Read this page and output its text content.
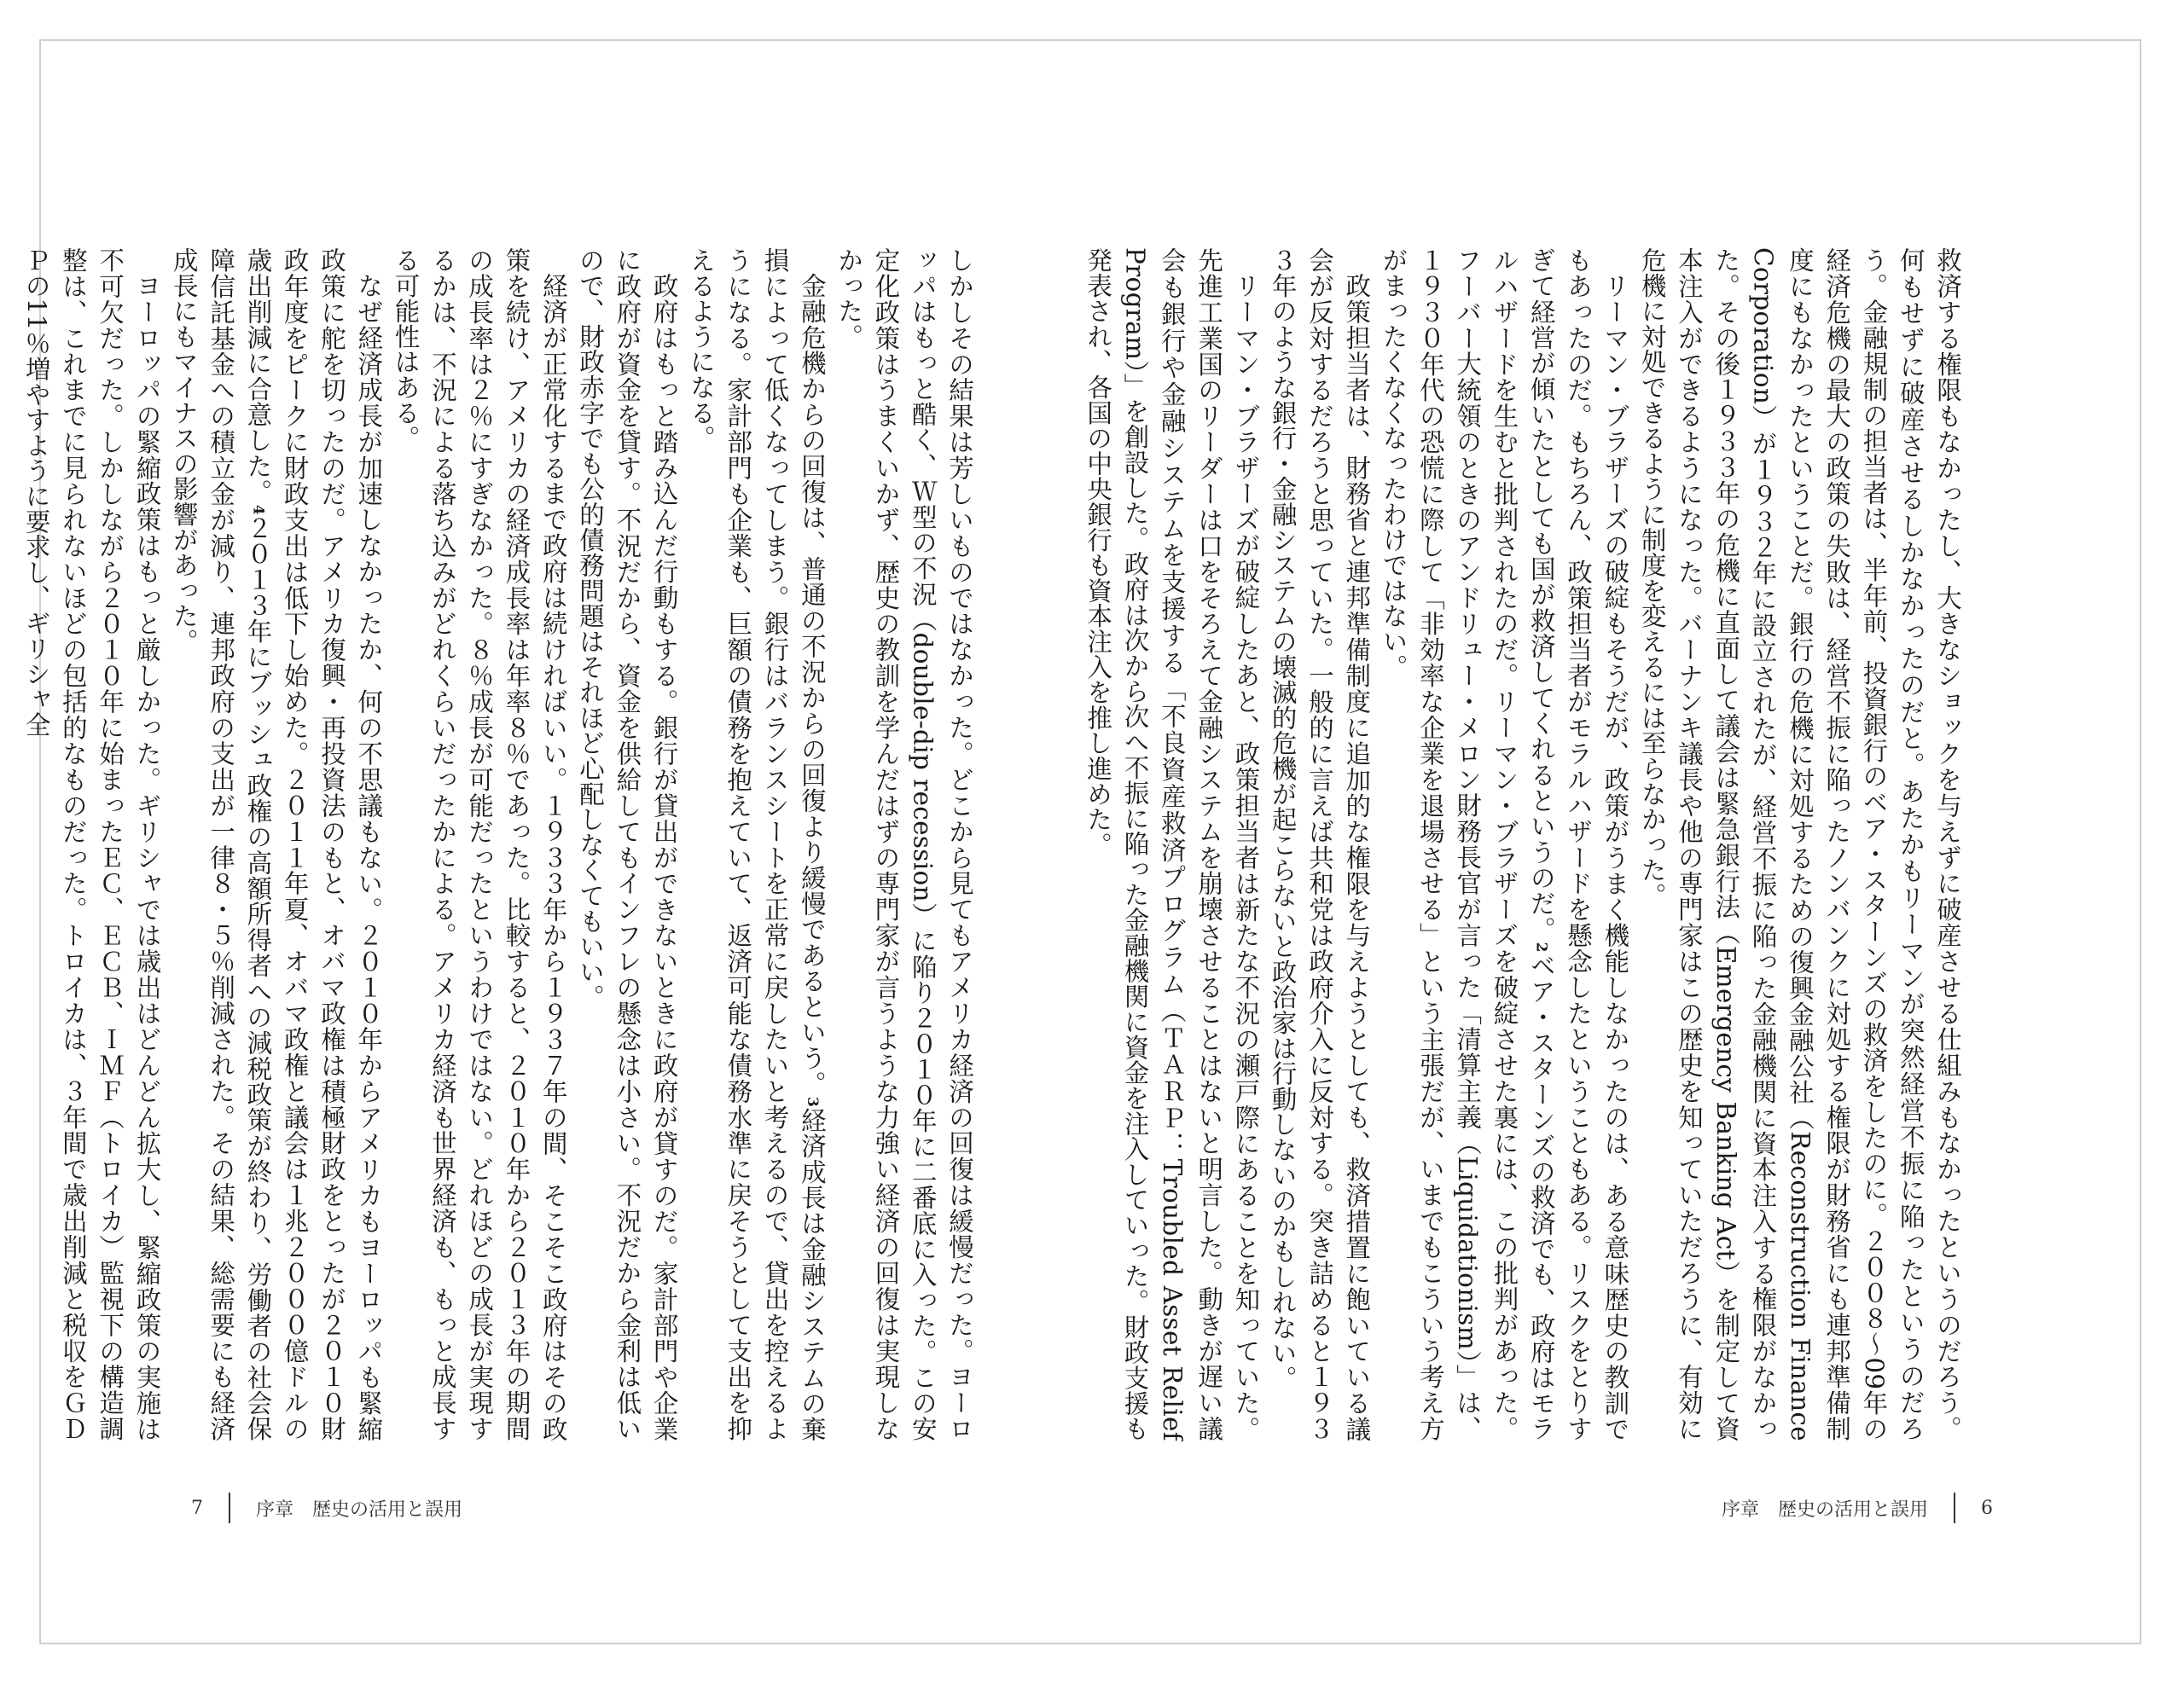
救済する権限もなかったし、大きなショックを与えずに破産させる仕組みもなかったというのだろう。何もせずに破産させるしかなかったのだと。あたかもリーマンが突然経営不振に陥ったというのだろう。金融規制の担当者は、半年前、投資銀行のベア・スターンズの救済をしたのに。２００８〜09年の経済危機の最大の政策の失敗は、経営不振に陥ったノンバンクに対処する権限が財務省にも連邦準備制度にもなかったということだ。銀行の危機に対処するための復興金融公社（Reconstruction Finance Corporation）が１９３２年に設立されたが、経営不振に陥った金融機関に資本注入する権限がなかった。その後１９３３年の危機に直面して議会は緊急銀行法（Emergency Banking Act）を制定して資本注入ができるようになった。バーナンキ議長や他の専門家はこの歴史を知っていただろうに、有効に危機に対処できるように制度を変えるには至らなかった。

リーマン・ブラザーズの破綻もそうだが、政策がうまく機能しなかったのは、ある意味歴史の教訓でもあったのだ。もちろん、政策担当者がモラルハザードを懸念したということもある。リスクをとりすぎて経営が傾いたとしても国が救済してくれるというのだ。2ベア・スターンズの救済でも、政府はモラルハザードを生むと批判されたのだ。リーマン・ブラザーズを破綻させた裏には、この批判があった。フーバー大統領のときのアンドリュー・メロン財務長官が言った「清算主義（Liquidationism）」は、１９３０年代の恐慌に際して「非効率な企業を退場させる」という主張だが、いまでもこういう考え方がまったくなくなったわけではない。

政策担当者は、財務省と連邦準備制度に追加的な権限を与えようとしても、救済措置に飽いている議会が反対するだろうと思っていた。一般的に言えば共和党は政府介入に反対する。突き詰めると１９３３年のような銀行・金融システムの壊滅的危機が起こらないと政治家は行動しないのかもしれない。

リーマン・ブラザーズが破綻したあと、政策担当者は新たな不況の瀬戸際にあることを知っていた。先進工業国のリーダーは口をそろえて金融システムを崩壊させることはないと明言した。動きが遅い議会も銀行や金融システムを支援する「不良資産救済プログラム（ＴＡＲＰ：Troubled Asset Relief Program）」を創設した。政府は次から次へ不振に陥った金融機関に資金を注入していった。財政支援も発表され、各国の中央銀行も資本注入を推し進めた。

序章　歴史の活用と誤用	6

しかしその結果は芳しいものではなかった。どこから見てもアメリカ経済の回復は緩慢だった。ヨーロッパはもっと酷く、Ｗ型の不況（double-dip recession）に陥り２０１０年に二番底に入った。この安定化政策はうまくいかず、歴史の教訓を学んだはずの専門家が言うような力強い経済の回復は実現しなかった。

金融危機からの回復は、普通の不況からの回復より緩慢であるという。3経済成長は金融システムの棄損によって低くなってしまう。銀行はバランスシートを正常に戻したいと考えるので、貸出を控えるようになる。家計部門も企業も、巨額の債務を抱えていて、返済可能な債務水準に戻そうとして支出を抑えるようになる。

政府はもっと踏み込んだ行動もする。銀行が貸出ができないときに政府が貸すのだ。家計部門や企業に政府が資金を貸す。不況だから、資金を供給してもインフレの懸念は小さい。不況だから金利は低いので、財政赤字でも公的債務問題はそれほど心配しなくてもいい。

経済が正常化するまで政府は続ければいい。１９３３年から１９３７年の間、そこそこ政府はその政策を続け、アメリカの経済成長率は年率８％であった。比較すると、２０１０年から２０１３年の期間の成長率は２％にすぎなかった。８％成長が可能だったというわけではない。どれほどの成長が実現するかは、不況による落ち込みがどれくらいだったかによる。アメリカ経済も世界経済も、もっと成長する可能性はある。

なぜ経済成長が加速しなかったか、何の不思議もない。２０１０年からアメリカもヨーロッパも緊縮政策に舵を切ったのだ。アメリカ復興・再投資法のもと、オバマ政権は積極財政をとったが２０１０財政年度をピークに財政支出は低下し始めた。２０１１年夏、オバマ政権と議会は１兆２０００億ドルの歳出削減に合意した。4２０１３年にブッシュ政権の高額所得者への減税政策が終わり、労働者の社会保障信託基金への積立金が減り、連邦政府の支出が一律８・５％削減された。その結果、総需要にも経済成長にもマイナスの影響があった。

ヨーロッパの緊縮政策はもっと厳しかった。ギリシャでは歳出はどんどん拡大し、緊縮政策の実施は不可欠だった。しかしながら２０１０年に始まったＥＣ、ＥＣＢ、ＩＭＦ（トロイカ）監視下の構造調整は、これまでに見られないほどの包括的なものだった。トロイカは、３年間で歳出削減と税収をＧＤＰの11％増やすように要求し、ギリシャ全

7	序章　歴史の活用と誤用
